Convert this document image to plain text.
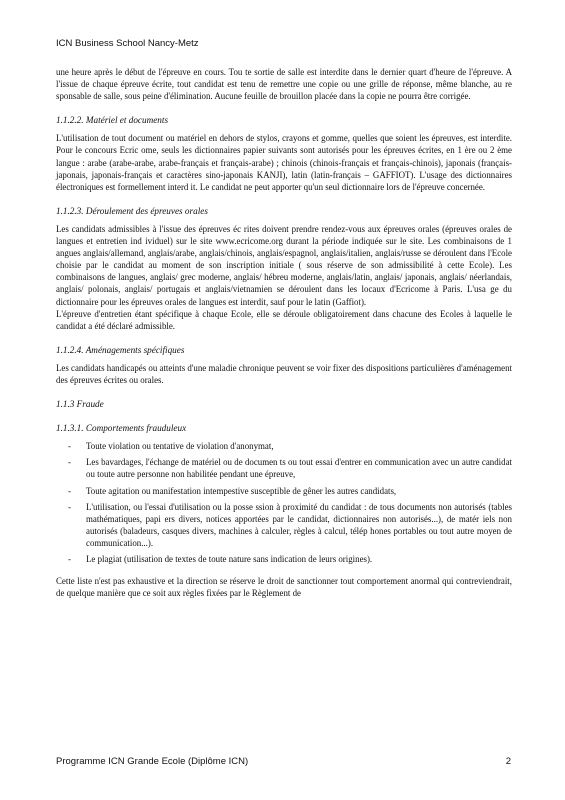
ICN Business School Nancy-Metz

une heure après le début de l'épreuve en cours. Tou te sortie de salle est interdite dans le dernier quart d'heure de l'épreuve. A l'issue de chaque épreuve écrite, tout candidat est tenu de remettre une copie ou une grille de réponse, même blanche, au re sponsable de salle, sous peine d'élimination. Aucune feuille de brouillon placée dans la copie ne pourra être corrigée.

1.1.2.2. Matériel et documents

L'utilisation de tout document ou matériel en dehors de stylos, crayons et gomme, quelles que soient les épreuves, est interdite. Pour le concours Ecric ome, seuls les dictionnaires papier suivants sont autorisés pour les épreuves écrites, en 1 ère ou 2 ème langue : arabe (arabe-arabe, arabe-français et français-arabe) ; chinois (chinois-français et français-chinois), japonais (français-japonais, japonais-français et caractères sino-japonais KANJI), latin (latin-français – GAFFIOT). L'usage des dictionnaires électroniques est formellement interd it. Le candidat ne peut apporter qu'un seul dictionnaire lors de l'épreuve concernée.

1.1.2.3. Déroulement des épreuves orales

Les candidats admissibles à l'issue des épreuves éc rites doivent prendre rendez-vous aux épreuves orales (épreuves orales de langues et entretien ind ividuel) sur le site www.ecricome.org durant la période indiquée sur le site. Les combinaisons de 1 angues anglais/allemand, anglais/arabe, anglais/chinois, anglais/espagnol, anglais/italien, anglais/russe se déroulent dans l'Ecole choisie par le candidat au moment de son inscription initiale ( sous réserve de son admissibilité à cette Ecole). Les combinaisons de langues, anglais/ grec moderne, anglais/ hébreu moderne, anglais/latin, anglais/ japonais, anglais/ néerlandais, anglais/ polonais, anglais/ portugais et anglais/vietnamien se déroulent dans les locaux d'Ecricome à Paris. L'usa ge du dictionnaire pour les épreuves orales de langues est interdit, sauf pour le latin (Gaffiot).

L'épreuve d'entretien étant spécifique à chaque Ecole, elle se déroule obligatoirement dans chacune des Ecoles à laquelle le candidat a été déclaré admissible.

1.1.2.4. Aménagements spécifiques

Les candidats handicapés ou atteints d'une maladie chronique peuvent se voir fixer des dispositions particulières d'aménagement des épreuves écrites ou orales.

1.1.3 Fraude
1.1.3.1. Comportements frauduleux
- Toute violation ou tentative de violation d'anonymat,
- Les bavardages, l'échange de matériel ou de documen ts ou tout essai d'entrer en communication avec un autre candidat ou toute autre personne non habilitée pendant une épreuve,
- Toute agitation ou manifestation intempestive susceptible de gêner les autres candidats,
- L'utilisation, ou l'essai d'utilisation ou la posse ssion à proximité du candidat : de tous documents non autorisés (tables mathématiques, papi ers divers, notices apportées par le candidat, dictionnaires non autorisés...), de matér iels non autorisés (baladeurs, casques divers, machines à calculer, règles à calcul, télép hones portables ou tout autre moyen de communication...).
- Le plagiat (utilisation de textes de toute nature sans indication de leurs origines).

Cette liste n'est pas exhaustive et la direction se réserve le droit de sanctionner tout comportement anormal qui contreviendrait, de quelque manière que ce soit aux règles fixées par le Règlement de

Programme ICN Grande Ecole (Diplôme ICN)	2
